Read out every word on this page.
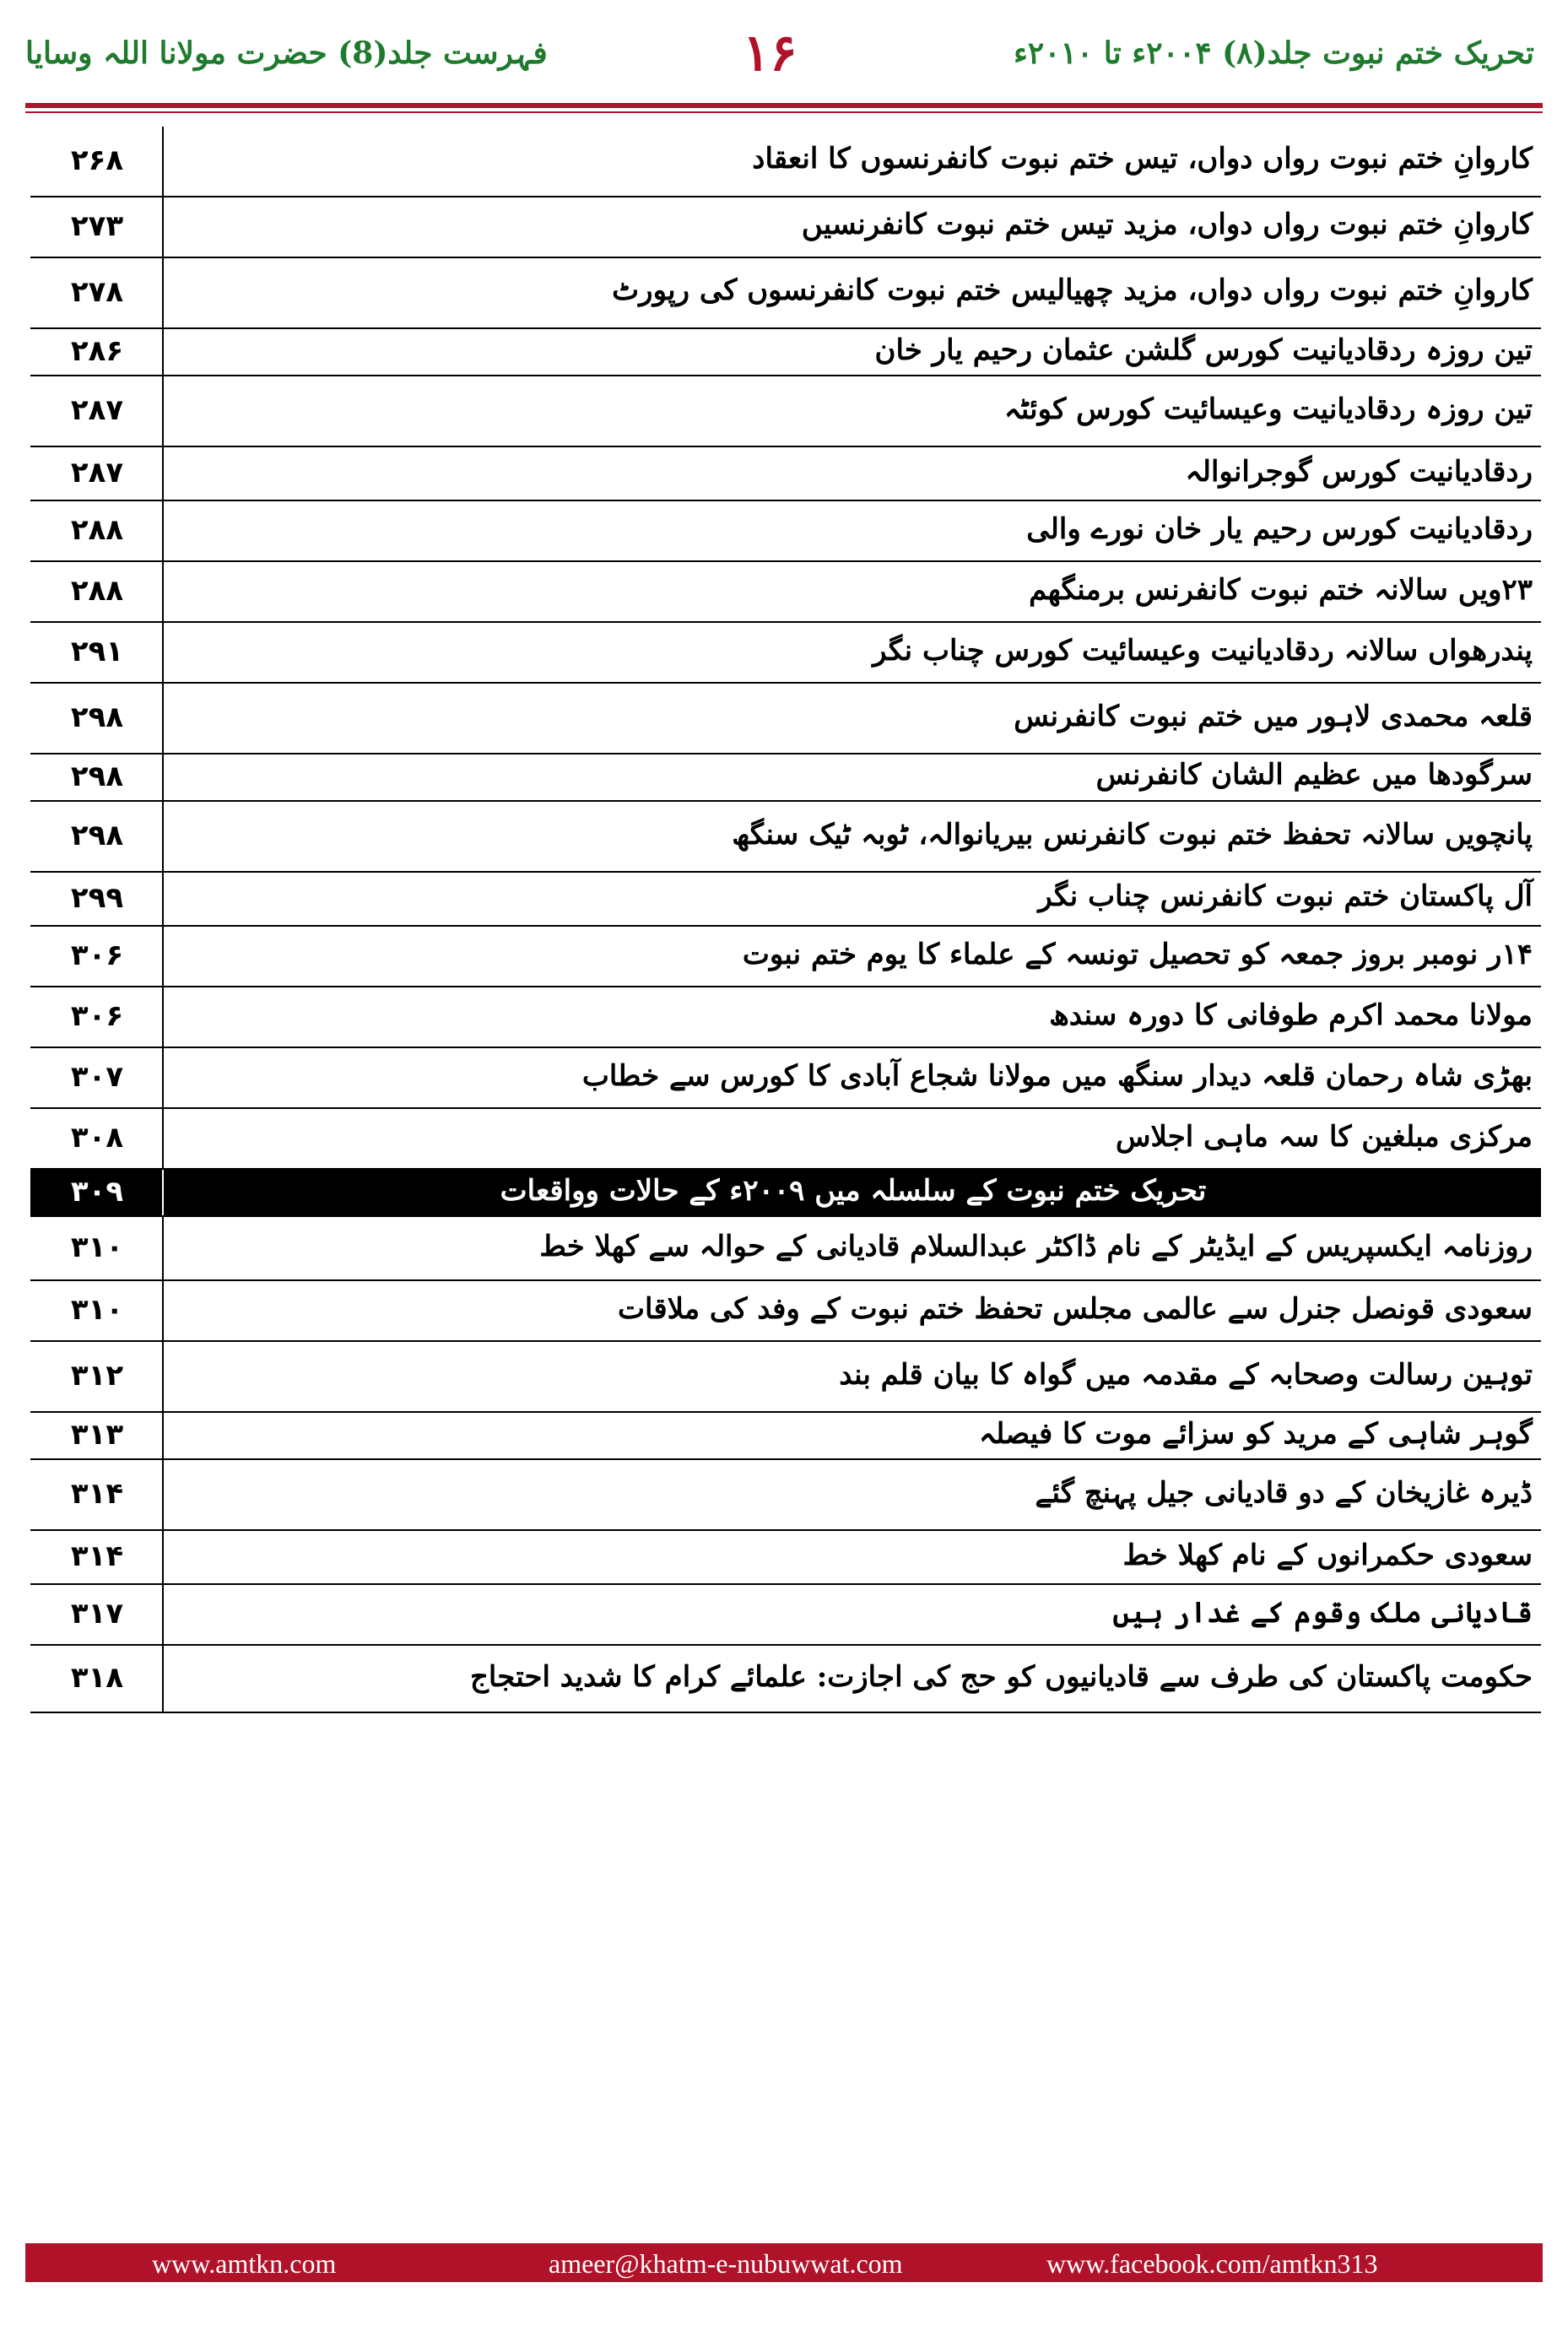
فہرست جلد(8) حضرت مولانا اللہ وسایا	۱۶	تحریک ختم نبوت جلد(۸) ۲۰۰۴ء تا ۲۰۱۰ء
۲۶۸	کاروانِ ختم نبوت رواں دواں، تیس ختم نبوت کانفرنسوں کا انعقاد
۲۷۳	کاروانِ ختم نبوت رواں دواں، مزید تیس ختم نبوت کانفرنسیں
۲۷۸	کاروانِ ختم نبوت رواں دواں، مزید چھیالیس ختم نبوت کانفرنسوں کی رپورٹ
۲۸۶	تین روزہ ردقادیانیت کورس گلشن عثمان رحیم یار خان
۲۸۷	تین روزہ ردقادیانیت وعیسائیت کورس کوئٹہ
۲۸۷	ردقادیانیت کورس گوجرانوالہ
۲۸۸	ردقادیانیت کورس رحیم یار خان نورے والی
۲۸۸	۲۳ویں سالانہ ختم نبوت کانفرنس برمنگھم
۲۹۱	پندرھواں سالانہ ردقادیانیت وعیسائیت کورس چناب نگر
۲۹۸	قلعہ محمدی لاہور میں ختم نبوت کانفرنس
۲۹۸	سرگودھا میں عظیم الشان کانفرنس
۲۹۸	پانچویں سالانہ تحفظ ختم نبوت کانفرنس بیریانوالہ، ٹوبہ ٹیک سنگھ
۲۹۹	آل پاکستان ختم نبوت کانفرنس چناب نگر
۳۰۶	۱۴ر نومبر بروز جمعہ کو تحصیل تونسہ کے علماء کا یوم ختم نبوت
۳۰۶	مولانا محمد اکرم طوفانی کا دورہ سندھ
۳۰۷	بھڑی شاہ رحمان قلعہ دیدار سنگھ میں مولانا شجاع آبادی کا کورس سے خطاب
۳۰۸	مرکزی مبلغین کا سہ ماہی اجلاس
۳۰۹	تحریک ختم نبوت کے سلسلہ میں ۲۰۰۹ء کے حالات وواقعات
۳۱۰	روزنامہ ایکسپریس کے ایڈیٹر کے نام ڈاکٹر عبدالسلام قادیانی کے حوالہ سے کھلا خط
۳۱۰	سعودی قونصل جنرل سے عالمی مجلس تحفظ ختم نبوت کے وفد کی ملاقات
۳۱۲	توہین رسالت وصحابہ کے مقدمہ میں گواہ کا بیان قلم بند
۳۱۳	گوہر شاہی کے مرید کو سزائے موت کا فیصلہ
۳۱۴	ڈیرہ غازیخان کے دو قادیانی جیل پہنچ گئے
۳۱۴	سعودی حکمرانوں کے نام کھلا خط
۳۱۷	قادیانی ملک وقوم کے غدار ہیں
۳۱۸	حکومت پاکستان کی طرف سے قادیانیوں کو حج کی اجازت: علمائے کرام کا شدید احتجاج
www.amtkn.com	ameer@khatm-e-nubuwwat.com	www.facebook.com/amtkn313
